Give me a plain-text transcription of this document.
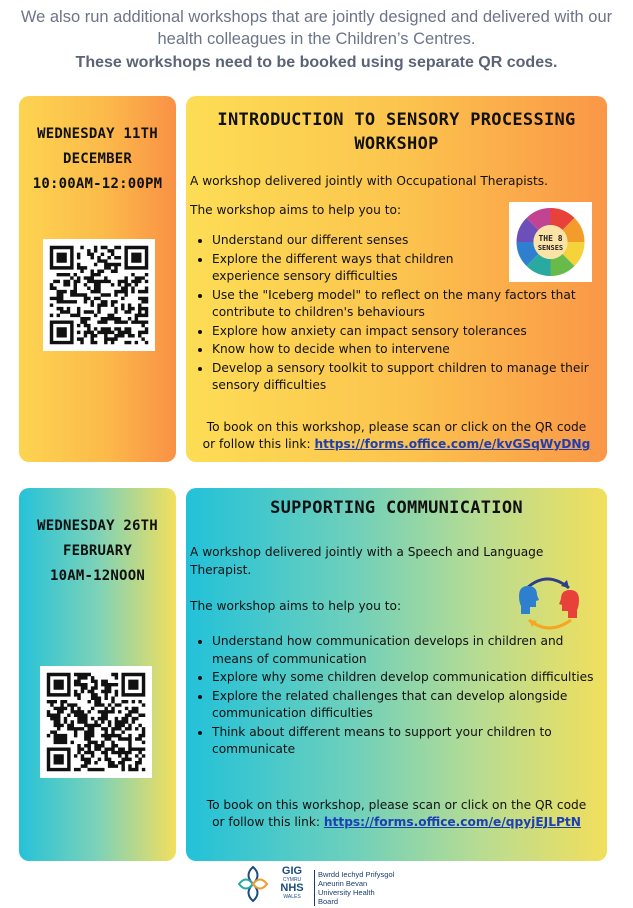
We also run additional workshops that are jointly designed and delivered with our
health colleagues in the Children’s Centres.
These workshops need to be booked using separate QR codes.
WEDNESDAY 11TH
DECEMBER
10:00AM-12:00PM
INTRODUCTION TO SENSORY PROCESSING
WORKSHOP
A workshop delivered jointly with Occupational Therapists.
The workshop aims to help you to:
• Understand our different senses
• Explore the different ways that children experience sensory difficulties
• Use the "Iceberg model" to reflect on the many factors that contribute to children's behaviours
• Explore how anxiety can impact sensory tolerances
• Know how to decide when to intervene
• Develop a sensory toolkit to support children to manage their sensory difficulties
To book on this workshop, please scan or click on the QR code
or follow this link: https://forms.office.com/e/kvGSqWyDNg
THE 8
SENSES
WEDNESDAY 26TH
FEBRUARY
10AM-12NOON
SUPPORTING COMMUNICATION
A workshop delivered jointly with a Speech and Language Therapist.
The workshop aims to help you to:
• Understand how communication develops in children and means of communication
• Explore why some children develop communication difficulties
• Explore the related challenges that can develop alongside communication difficulties
• Think about different means to support your children to communicate
To book on this workshop, please scan or click on the QR code
or follow this link: https://forms.office.com/e/qpyjEJLPtN
GIG
CYMRU
NHS
WALES
Bwrdd Iechyd Prifysgol
Aneurin Bevan
University Health Board
